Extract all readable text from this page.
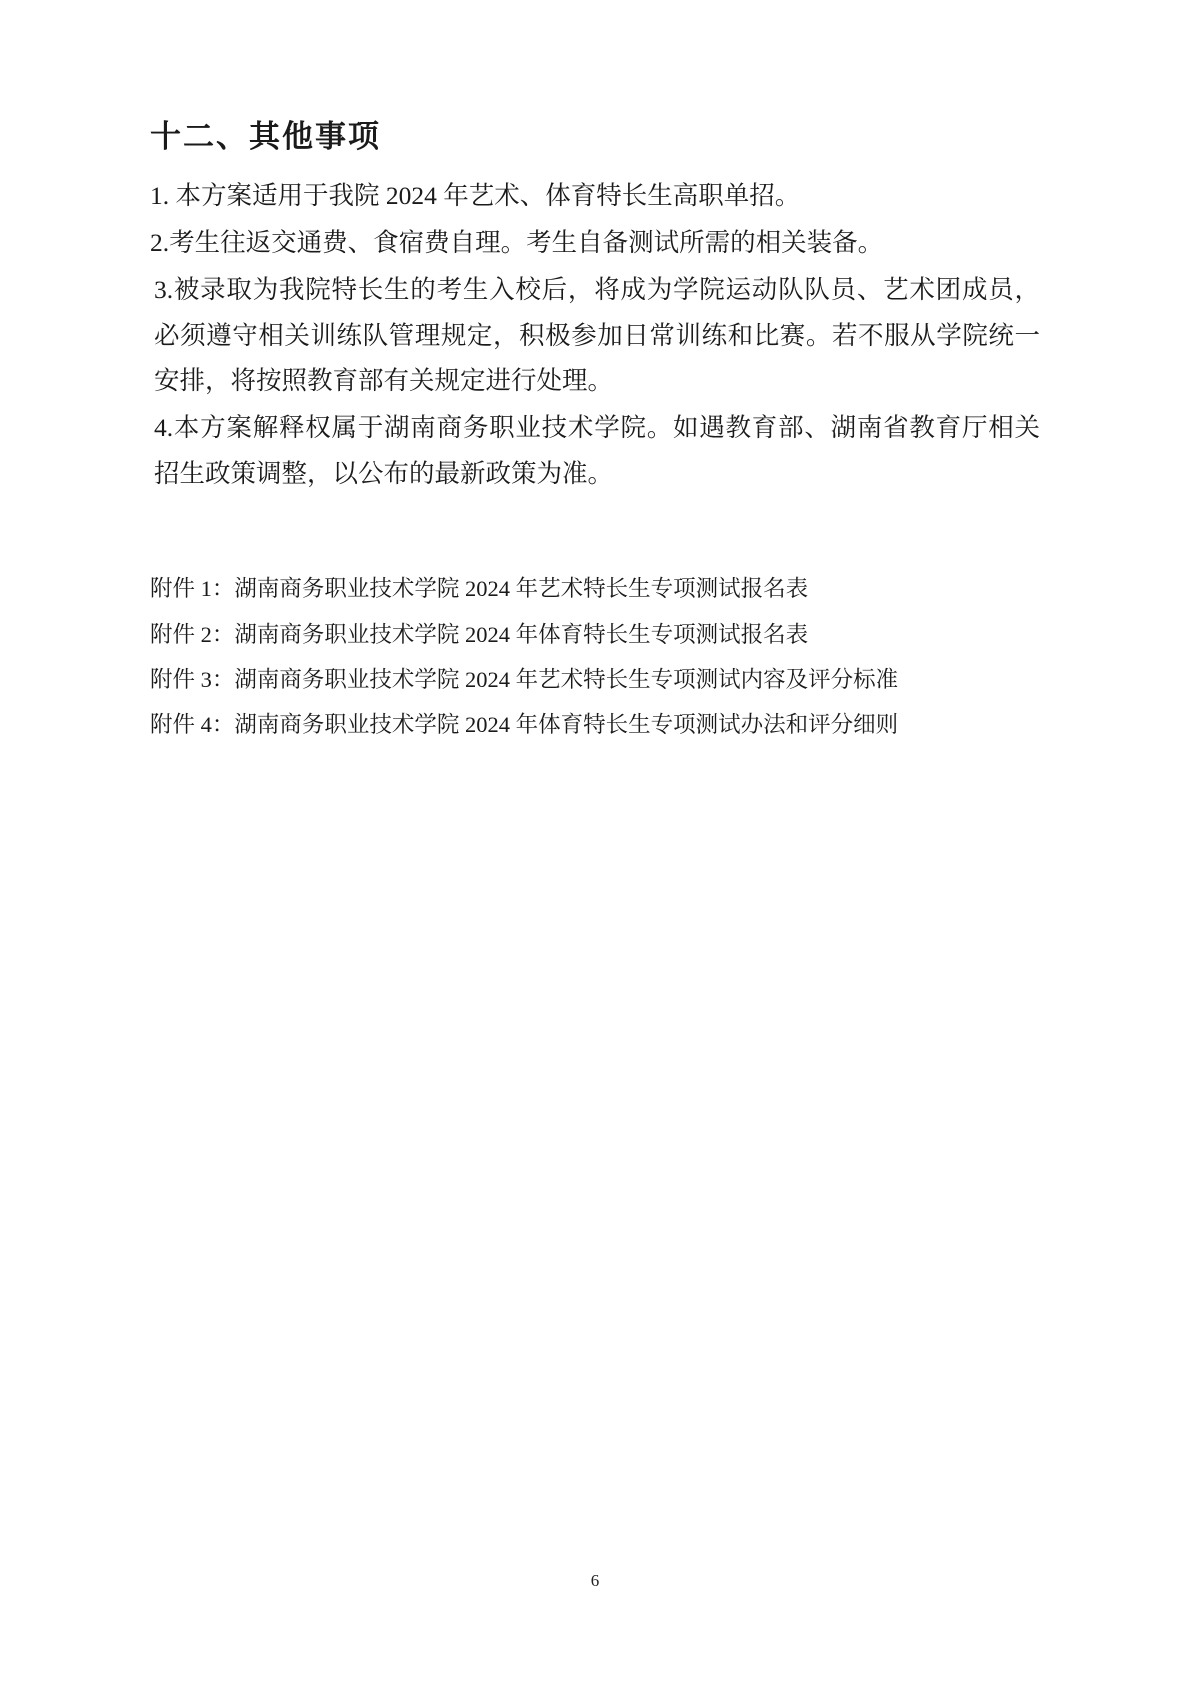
十二、其他事项

1. 本方案适用于我院 2024 年艺术、体育特长生高职单招。

2.考生往返交通费、食宿费自理。考生自备测试所需的相关装备。

3.被录取为我院特长生的考生入校后，将成为学院运动队队员、艺术团成员，必须遵守相关训练队管理规定，积极参加日常训练和比赛。若不服从学院统一安排，将按照教育部有关规定进行处理。

4.本方案解释权属于湖南商务职业技术学院。如遇教育部、湖南省教育厅相关招生政策调整，以公布的最新政策为准。

附件 1：湖南商务职业技术学院 2024 年艺术特长生专项测试报名表
附件 2：湖南商务职业技术学院 2024 年体育特长生专项测试报名表
附件 3：湖南商务职业技术学院 2024 年艺术特长生专项测试内容及评分标准
附件 4：湖南商务职业技术学院 2024 年体育特长生专项测试办法和评分细则
6
